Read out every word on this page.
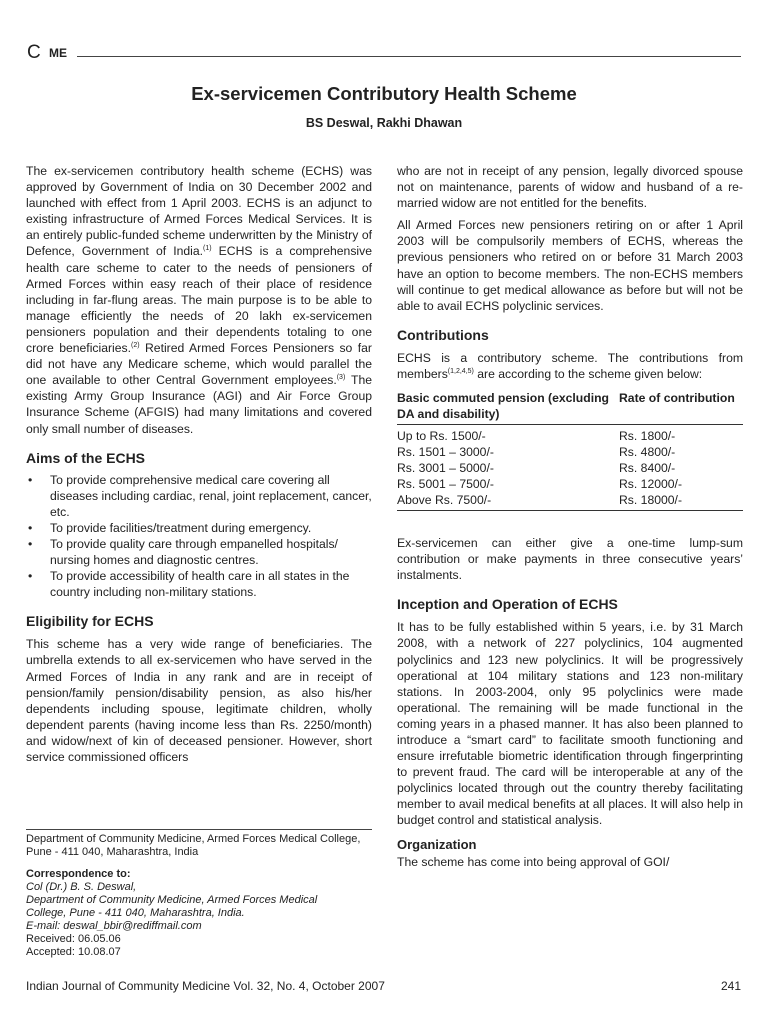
C ME
Ex-servicemen Contributory Health Scheme
BS Deswal, Rakhi Dhawan

The ex-servicemen contributory health scheme (ECHS) was approved by Government of India on 30 December 2002 and launched with effect from 1 April 2003. ECHS is an adjunct to existing infrastructure of Armed Forces Medical Services. It is an entirely public-funded scheme underwritten by the Ministry of Defence, Government of India.$^{(1)}$ ECHS is a comprehensive health care scheme to cater to the needs of pensioners of Armed Forces within easy reach of their place of residence including in far-flung areas. The main purpose is to be able to manage efficiently the needs of 20 lakh ex-servicemen pensioners population and their dependents totaling to one crore beneficiaries.$^{(2)}$ Retired Armed Forces Pensioners so far did not have any Medicare scheme, which would parallel the one available to other Central Government employees.$^{(3)}$ The existing Army Group Insurance (AGI) and Air Force Group Insurance Scheme (AFGIS) had many limitations and covered only small number of diseases.

Aims of the ECHS
• To provide comprehensive medical care covering all diseases including cardiac, renal, joint replacement, cancer, etc.
• To provide facilities/treatment during emergency.
• To provide quality care through empanelled hospitals/ nursing homes and diagnostic centres.
• To provide accessibility of health care in all states in the country including non-military stations.
Eligibility for ECHS

This scheme has a very wide range of beneficiaries. The umbrella extends to all ex-servicemen who have served in the Armed Forces of India in any rank and are in receipt of pension/family pension/disability pension, as also his/her dependents including spouse, legitimate children, wholly dependent parents (having income less than Rs. 2250/month) and widow/next of kin of deceased pensioner. However, short service commissioned officers

Department of Community Medicine, Armed Forces Medical College, Pune - 411 040, Maharashtra, India
Correspondence to:
Col (Dr.) B. S. Deswal,
Department of Community Medicine, Armed Forces Medical
College, Pune - 411 040, Maharashtra, India.
E-mail: deswal_bbir@rediffmail.com
Received: 06.05.06
Accepted: 10.08.07

who are not in receipt of any pension, legally divorced spouse not on maintenance, parents of widow and husband of a re-married widow are not entitled for the benefits.

All Armed Forces new pensioners retiring on or after 1 April 2003 will be compulsorily members of ECHS, whereas the previous pensioners who retired on or before 31 March 2003 have an option to become members. The non-ECHS members will continue to get medical allowance as before but will not be able to avail ECHS polyclinic services.

Contributions

ECHS is a contributory scheme. The contributions from members$^{(1,2,4,5)}$ are according to the scheme given below:

Basic commuted pension (excluding DA and disability)	Rate of contribution
Up to Rs. 1500/-	Rs. 1800/-
Rs. 1501 – 3000/-	Rs. 4800/-
Rs. 3001 – 5000/-	Rs. 8400/-
Rs. 5001 – 7500/-	Rs. 12000/-
Above Rs. 7500/-	Rs. 18000/-

Ex-servicemen can either give a one-time lump-sum contribution or make payments in three consecutive years’ instalments.

Inception and Operation of ECHS

It has to be fully established within 5 years, i.e. by 31 March 2008, with a network of 227 polyclinics, 104 augmented polyclinics and 123 new polyclinics. It will be progressively operational at 104 military stations and 123 non-military stations. In 2003-2004, only 95 polyclinics were made operational. The remaining will be made functional in the coming years in a phased manner. It has also been planned to introduce a “smart card” to facilitate smooth functioning and ensure irrefutable biometric identification through fingerprinting to prevent fraud. The card will be interoperable at any of the polyclinics located through out the country thereby facilitating member to avail medical benefits at all places. It will also help in budget control and statistical analysis.

Organization

The scheme has come into being approval of GOI/

Indian Journal of Community Medicine Vol. 32, No. 4, October 2007	241
